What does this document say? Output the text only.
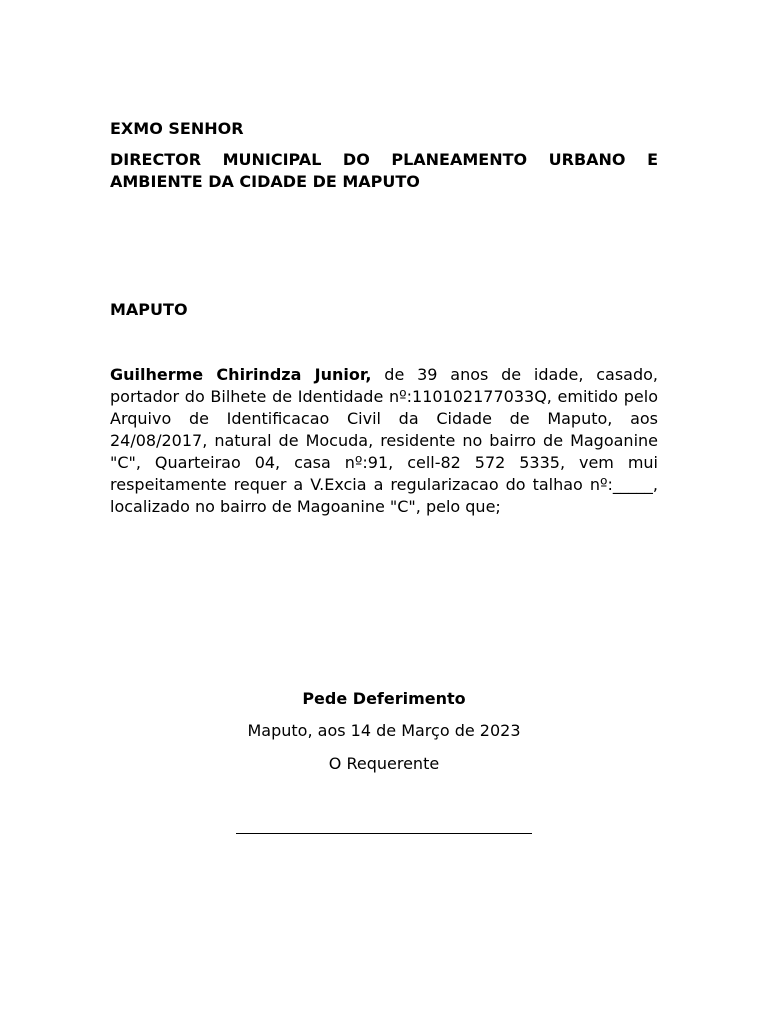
EXMO SENHOR
DIRECTOR MUNICIPAL DO PLANEAMENTO URBANO E AMBIENTE DA CIDADE DE MAPUTO
MAPUTO
Guilherme Chirindza Junior, de 39 anos de idade, casado, portador do Bilhete de Identidade nº:110102177033Q, emitido pelo Arquivo de Identificacao Civil da Cidade de Maputo, aos 24/08/2017, natural de Mocuda, residente no bairro de Magoanine "C", Quarteirao 04, casa nº:91, cell-82 572 5335, vem mui respeitamente requer a V.Excia a regularizacao do talhao nº:_____, localizado no bairro de Magoanine "C", pelo que;
Pede Deferimento
Maputo, aos 14 de Março de 2023
O Requerente
